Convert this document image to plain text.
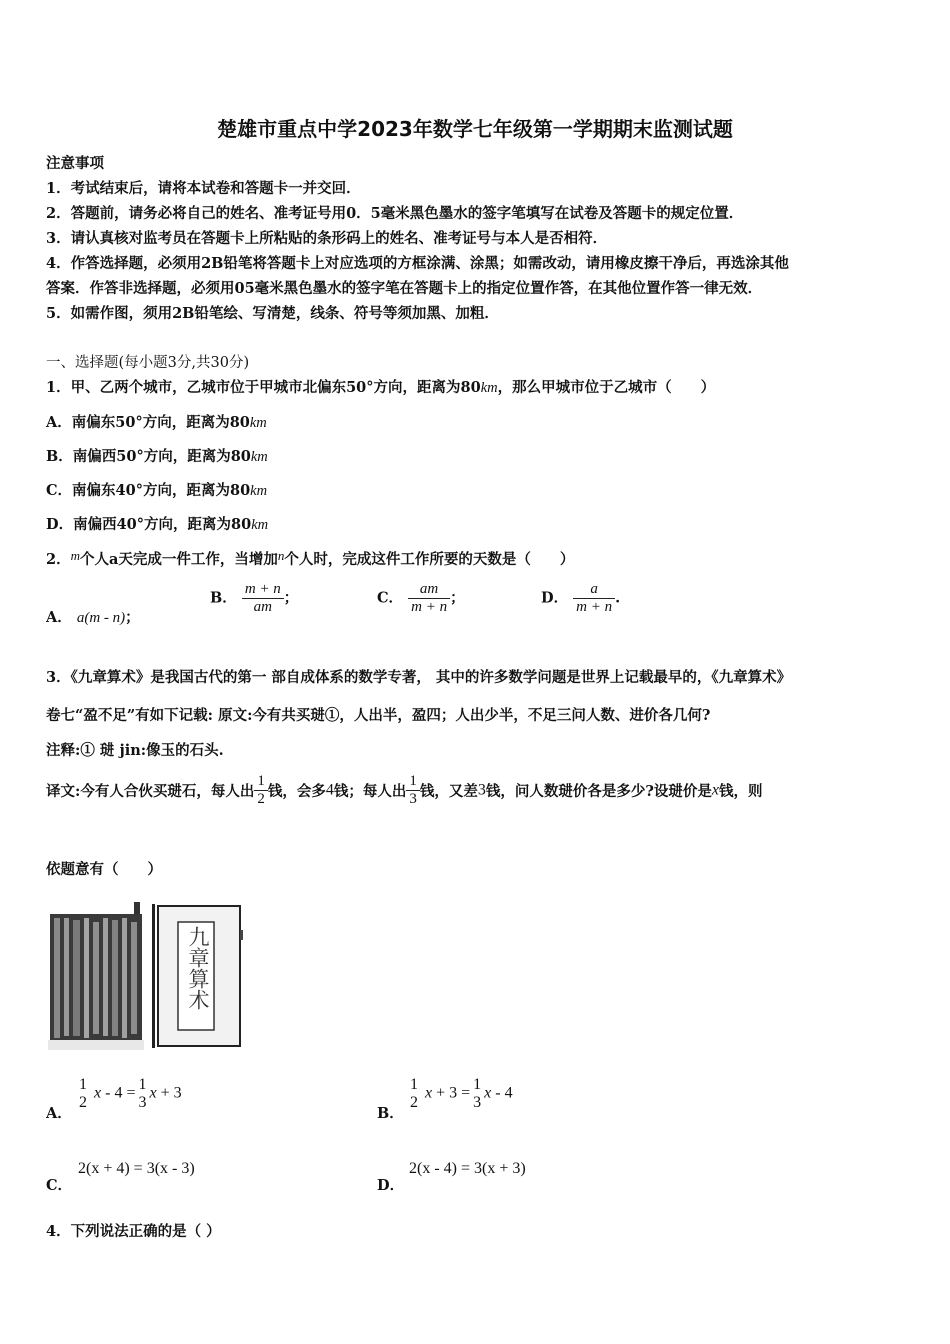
楚雄市重点中学2023年数学七年级第一学期期末监测试题
注意事项
1．考试结束后，请将本试卷和答题卡一并交回．
2．答题前，请务必将自己的姓名、准考证号用0．5毫米黑色墨水的签字笔填写在试卷及答题卡的规定位置．
3．请认真核对监考员在答题卡上所粘贴的条形码上的姓名、准考证号与本人是否相符．
4．作答选择题，必须用2B铅笔将答题卡上对应选项的方框涂满、涂黑；如需改动，请用橡皮擦干净后，再选涂其他
答案．作答非选择题，必须用05毫米黑色墨水的签字笔在答题卡上的指定位置作答，在其他位置作答一律无效．
5．如需作图，须用2B铅笔绘、写清楚，线条、符号等须加黑、加粗．
一、选择题(每小题3分,共30分)
1．甲、乙两个城市，乙城市位于甲城市北偏东50°方向，距离为80km，那么甲城市位于乙城市（　　）
A．南偏东50°方向，距离为80km
B．南偏西50°方向，距离为80km
C．南偏东40°方向，距离为80km
D．南偏西40°方向，距离为80km
2．m个人a天完成一件工作，当增加n个人时，完成这件工作所要的天数是（　　）
A． a(m - n)；
B． $\frac{m + n}{am}$ ；	C． $\frac{am}{m + n}$ ；	D． $\frac{a}{m + n}$ .
3．《九章算术》是我国古代的第一 部自成体系的数学专著， 其中的许多数学问题是世界上记载最早的，《九章算术》
卷七“盈不足”有如下记载: 原文:今有共买琎①，人出半，盈四；人出少半，不足三问人数、进价各几何?
注释:① 琎 jin:像玉的石头.
译文:今有人合伙买琎石，每人出 $\frac{1}{2}$ 钱，会多4钱；每人出 $\frac{1}{3}$ 钱，又差3钱，问人数琎价各是多少?设琎价是x钱，则
依题意有（　　）
九章算术
A．
1
2
x - 4 =
1
3
x + 3
B．
1
2
x + 3 =
1
3
x - 4
C．
2(x + 4) = 3(x - 3)
D．
2(x - 4) = 3(x + 3)
4．下列说法正确的是（ ）
